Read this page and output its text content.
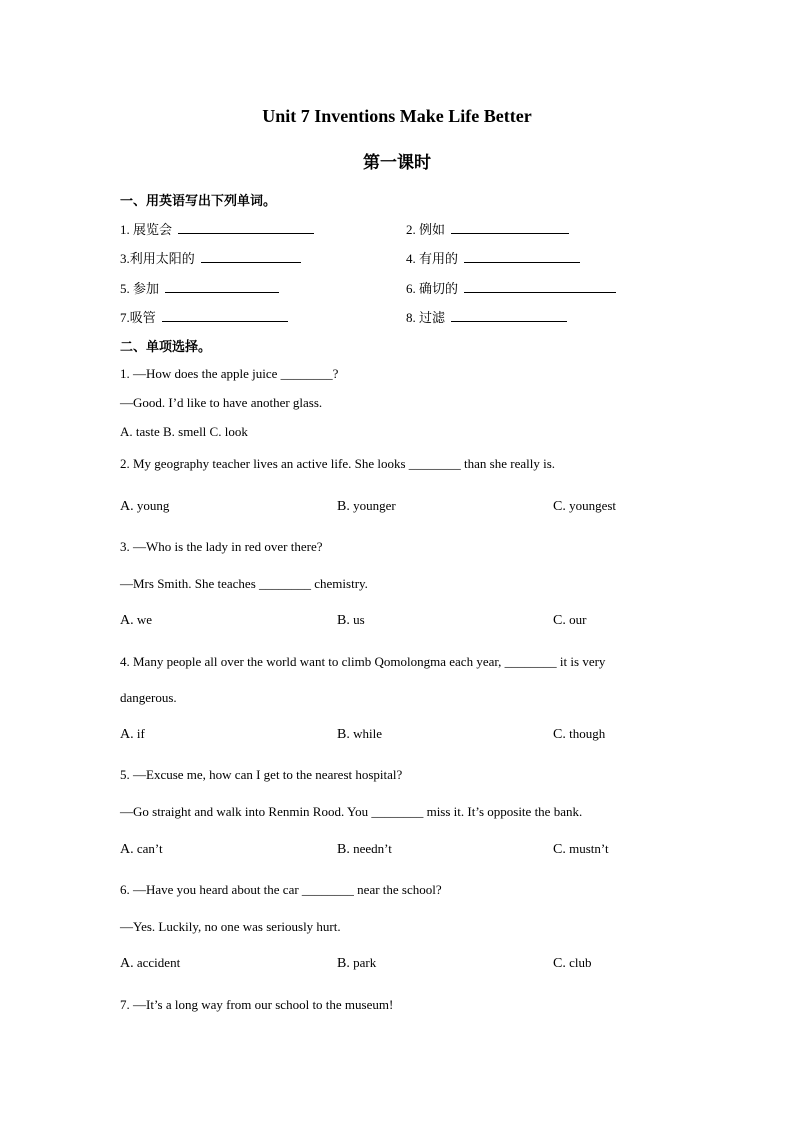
Unit 7 Inventions Make Life Better
第一课时
一、用英语写出下列单词。
1. 展览会	2. 例如
3.利用太阳的	4. 有用的
5. 参加	6. 确切的
7.吸管	8. 过滤
二、单项选择。
1. —How does the apple juice ________?
—Good. I’d like to have another glass.
A. taste B. smell C. look
2. My geography teacher lives an active life. She looks ________ than she really is.
A. young	B. younger	C. youngest
3. —Who is the lady in red over there?
—Mrs Smith. She teaches ________ chemistry.
A. we	B. us	C. our
4. Many people all over the world want to climb Qomolongma each year, ________ it is very
dangerous.
A. if	B. while	C. though
5. —Excuse me, how can I get to the nearest hospital?
—Go straight and walk into Renmin Rood. You ________ miss it. It’s opposite the bank.
A. can’t	B. needn’t	C. mustn’t
6. —Have you heard about the car ________ near the school?
—Yes. Luckily, no one was seriously hurt.
A. accident	B. park	C. club
7. —It’s a long way from our school to the museum!
